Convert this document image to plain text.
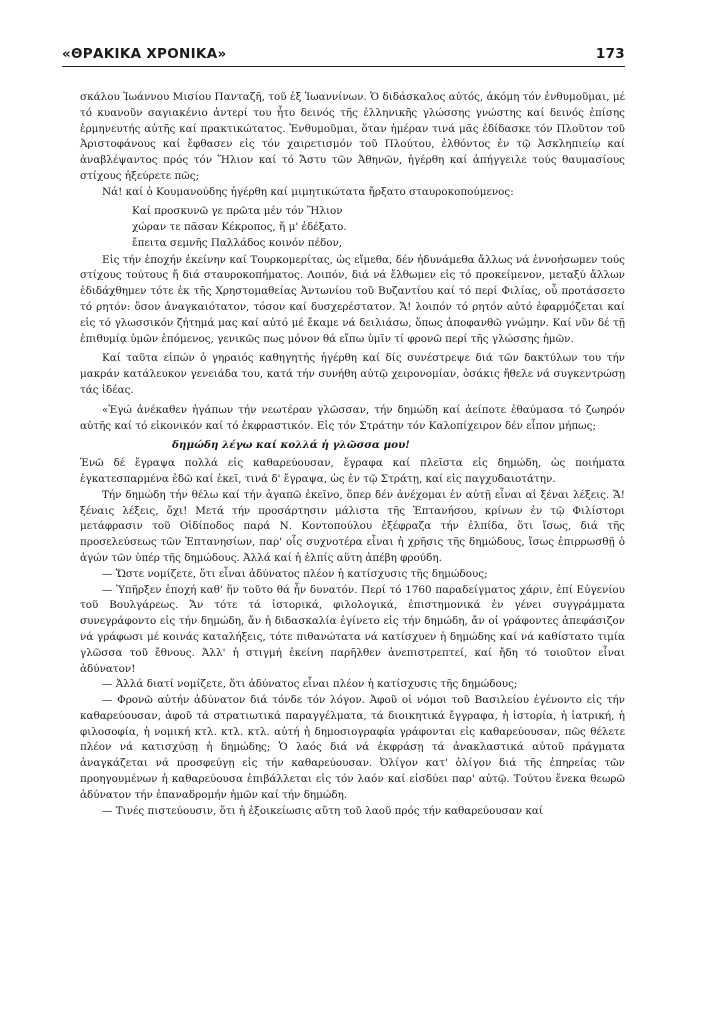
«ΘΡΑΚΙΚΑ ΧΡΟΝΙΚΑ»	173

σκάλου Ἰωάννου Μισίου Πανταζῆ, τοῦ ἐξ Ἰωαννίνων. Ὁ διδάσκαλος αὐτός, ἀκόμη τόν ἐνθυμοῦμαι, μέ τό κυανοῦν σαγιακένιο ἀντερί του ἦτο δεινός τῆς ἑλληνικῆς γλώσσης γνώστης καί δεινός ἐπίσης ἑρμηνευτής αὐτῆς καί πρακτικώτατος. Ἐνθυμοῦμαι, ὅταν ἡμέραν τινά μᾶς ἐδίδασκε τόν Πλοῦτον τοῦ Ἀριστοφάνους καί ἔφθασεν εἰς τόν χαιρετισμόν τοῦ Πλούτου, ἐλθόντος ἐν τῷ Ἀσκληπιείῳ καί ἀναβλέψαντος πρός τόν Ἥλιον καί τό Ἄστυ τῶν Ἀθηνῶν, ἠγέρθη καί ἀπήγγειλε τούς θαυμασίους στίχους ἠξεύρετε πῶς;

Νά! καί ὁ Κουμανούδης ἠγέρθη καί μιμητικώτατα ἤρξατο σταυροκοπούμενος:

Καί προσκυνῶ γε πρῶτα μέν τόν Ἥλιον
χώραν τε πᾶσαν Κέκροπος, ἥ μ' ἐδέξατο.
ἔπειτα σεμνῆς Παλλάδος κοινόν πέδον,

Εἰς τήν ἐποχήν ἐκείνην καί Τουρκομερίτας, ὡς εἴμεθα, δέν ἠδυνάμεθα ἄλλως νά ἐννοήσωμεν τούς στίχους τούτους ἤ διά σταυροκοπήματος. Λοιπόν, διά νά ἔλθωμεν εἰς τό προκείμενον, μεταξύ ἄλλων ἐδιδάχθημεν τότε ἐκ τῆς Χρηστομαθείας Ἀντωνίου τοῦ Βυζαντίου καί τό περί Φιλίας, οὗ προτάσσετο τό ρητόν: ὅσον ἀναγκαιότατον, τόσον καί δυσχερέστατον. Ἄ! λοιπόν τό ρητόν αὐτό ἐφαρμόζεται καί εἰς τό γλωσσικόν ζήτημά μας καί αὐτό μέ ἔκαμε νά δειλιάσω, ὅπως ἀποφανθῶ γνώμην. Καί νῦν δέ τῇ ἐπιθυμίᾳ ὑμῶν ἑπόμενος, γενικῶς πως μόνον θά εἴπω ὑμῖν τί φρονῶ περί τῆς γλώσσης ἡμῶν.

Καί ταῦτα εἰπών ὁ γηραιός καθηγητής ἠγέρθη καί δίς συνέστρεψε διά τῶν δακτύλων του τήν μακράν κατάλευκον γενειάδα του, κατά τήν συνήθη αὐτῷ χειρονομίαν, ὁσάκις ἤθελε νά συγκεντρώσῃ τάς ἰδέας.

«Ἐγώ ἀνέκαθεν ἠγάπων τήν νεωτέραν γλῶσσαν, τήν δημώδη καί ἀείποτε ἐθαύμασα τό ζωηρόν αὐτῆς καί τό εἰκονικόν καί τό ἐκφραστικόν. Εἰς τόν Στράτην τόν Καλοπίχειρον δέν εἶπον μήπως;

δημώδη λέγω καί κολλά ἡ γλῶσσα μου!

Ἐνῶ δέ ἔγραψα πολλά εἰς καθαρεύουσαν, ἔγραφα καί πλεῖστα εἰς δημώδη, ὡς ποιήματα ἐγκατεσπαρμένα ἐδῶ καί ἐκεῖ, τινά δ' ἔγραψα, ὡς ἐν τῷ Στράτῃ, καί εἰς παγχυδαιοτάτην.

Τήν δημώδη τήν θέλω καί τήν ἀγαπῶ ἐκεῖνο, ὅπερ δέν ἀνέχομαι ἐν αὐτῇ εἶναι αἱ ξέναι λέξεις. Ἄ! ξέναις λέξεις, ὄχι! Μετά τήν προσάρτησιν μάλιστα τῆς Ἑπτανήσου, κρίνων ἐν τῷ Φιλίστορι μετάφρασιν τοῦ Οἰδίποδος παρά Ν. Κοντοπούλου ἐξέφραζα τήν ἐλπίδα, ὅτι ἴσως, διά τῆς προσελεύσεως τῶν Ἑπτανησίων, παρ' οἷς συχνοτέρα εἶναι ἡ χρῆσις τῆς δημώδους, ἴσως ἐπιρρωσθῇ ὁ ἀγών τῶν ὑπέρ τῆς δημώδους. Ἀλλά καί ἡ ἐλπίς αὕτη ἀπέβη φρούδη.

— Ὥστε νομίζετε, ὅτι εἶναι ἀδύνατος πλέον ἡ κατίσχυσις τῆς δημώδους;

— Ὑπῆρξεν ἐποχή καθ' ἥν τοῦτο θά ἦν δυνατόν. Περί τό 1760 παραδείγματος χάριν, ἐπί Εὐγενίου τοῦ Βουλγάρεως. Ἄν τότε τά ἱστορικά, φιλολογικά, ἐπιστημονικά ἐν γένει συγγράμματα συνεγράφοντο εἰς τήν δημώδη, ἄν ἡ διδασκαλία ἐγίνετο εἰς τήν δημώδη, ἄν οἱ γράφοντες ἀπεφάσιζον νά γράφωσι μέ κοινάς καταλήξεις, τότε πιθανώτατα νά κατίσχυεν ἡ δημώδης καί νά καθίστατο τιμία γλῶσσα τοῦ ἔθνους. Ἀλλ' ἡ στιγμή ἐκείνη παρῆλθεν ἀνεπιστρεπτεί, καί ἤδη τό τοιοῦτον εἶναι ἀδύνατον!

— Ἀλλά διατί νομίζετε, ὅτι ἀδύνατος εἶναι πλέον ἡ κατίσχυσις τῆς δημώδους;

— Φρονῶ αὐτήν ἀδύνατον διά τόνδε τόν λόγον. Ἀφοῦ οἱ νόμοι τοῦ Βασιλείου ἐγένοντο εἰς τήν καθαρεύουσαν, ἀφοῦ τά στρατιωτικά παραγγέλματα, τά διοικητικά ἔγγραφα, ἡ ἱστορία, ἡ ἰατρική, ἡ φιλοσοφία, ἡ νομική κτλ. κτλ. κτλ. αὐτή ἡ δημοσιογραφία γράφονται εἰς καθαρεύουσαν, πῶς θέλετε πλέον νά κατισχύσῃ ἡ δημώδης; Ὁ λαός διά νά ἐκφράσῃ τά ἀνακλαστικά αὐτοῦ πράγματα ἀναγκάζεται νά προσφεύγῃ εἰς τήν καθαρεύουσαν. Ὀλίγον κατ' ὀλίγον διά τῆς ἐπηρείας τῶν προηγουμένων ἡ καθαρεύουσα ἐπιβάλλεται εἰς τόν λαόν καί εἰσδύει παρ' αὐτῷ. Τούτου ἕνεκα θεωρῶ ἀδύνατον τήν ἐπαναδρομήν ἡμῶν καί τήν δημώδη.

— Τινές πιστεύουσιν, ὅτι ἡ ἐξοικείωσις αὕτη τοῦ λαοῦ πρός τήν καθαρεύουσαν καί
